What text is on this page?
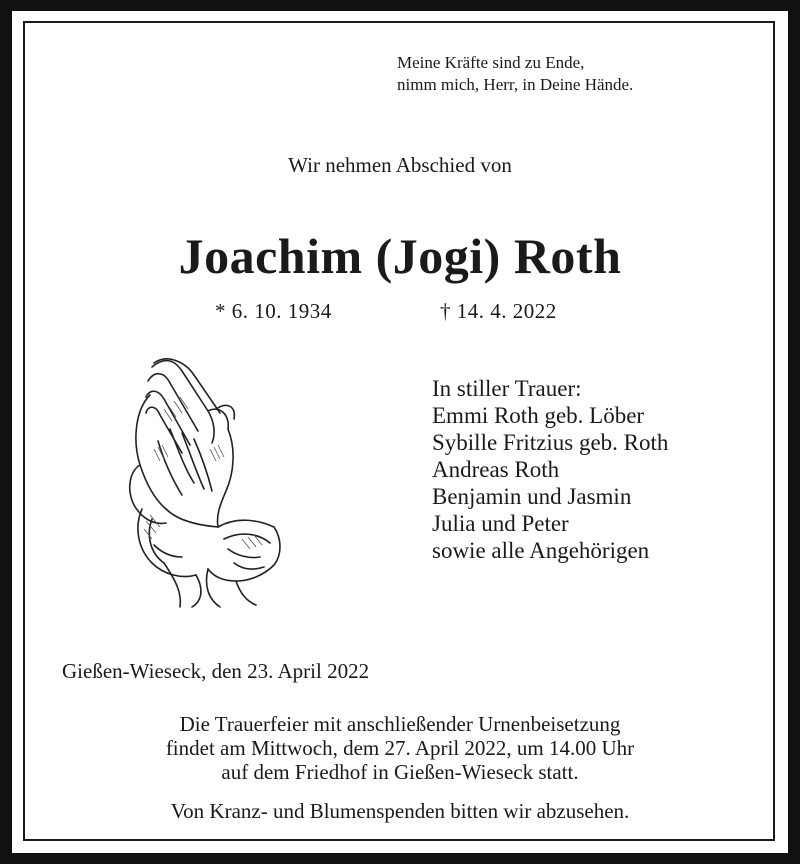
Meine Kräfte sind zu Ende,
nimm mich, Herr, in Deine Hände.
Wir nehmen Abschied von
Joachim (Jogi) Roth
* 6. 10. 1934	† 14. 4. 2022
In stiller Trauer:
Emmi Roth geb. Löber
Sybille Fritzius geb. Roth
Andreas Roth
Benjamin und Jasmin
Julia und Peter
sowie alle Angehörigen
Gießen-Wieseck, den 23. April 2022
Die Trauerfeier mit anschließender Urnenbeisetzung
findet am Mittwoch, dem 27. April 2022, um 14.00 Uhr
auf dem Friedhof in Gießen-Wieseck statt.
Von Kranz- und Blumenspenden bitten wir abzusehen.
